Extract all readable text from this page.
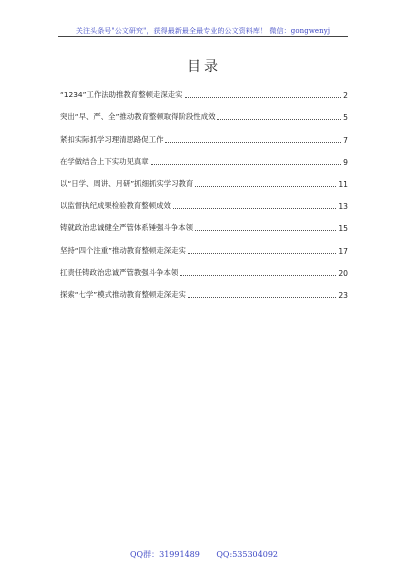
关注头条号"公文研究"，获得最新最全最专业的公文资料库！ 微信：gongwenyj
目录
“1234”工作法助推教育整顿走深走实	2
突出“早、严、全”推动教育整顿取得阶段性成效	5
紧扣实际抓学习理清思路促工作	7
在学做结合上下实功见真章	9
以“日学、周讲、月研”抓细抓实学习教育	11
以监督执纪成果检验教育整顿成效	13
铸就政治忠诚健全严管体系锤强斗争本领	15
坚持“四个注重”推动教育整顿走深走实	17
扛责任铸政治忠诚严管教强斗争本领	20
探索“七学”模式推动教育整顿走深走实	23
QQ群：31991489 QQ:535304092
